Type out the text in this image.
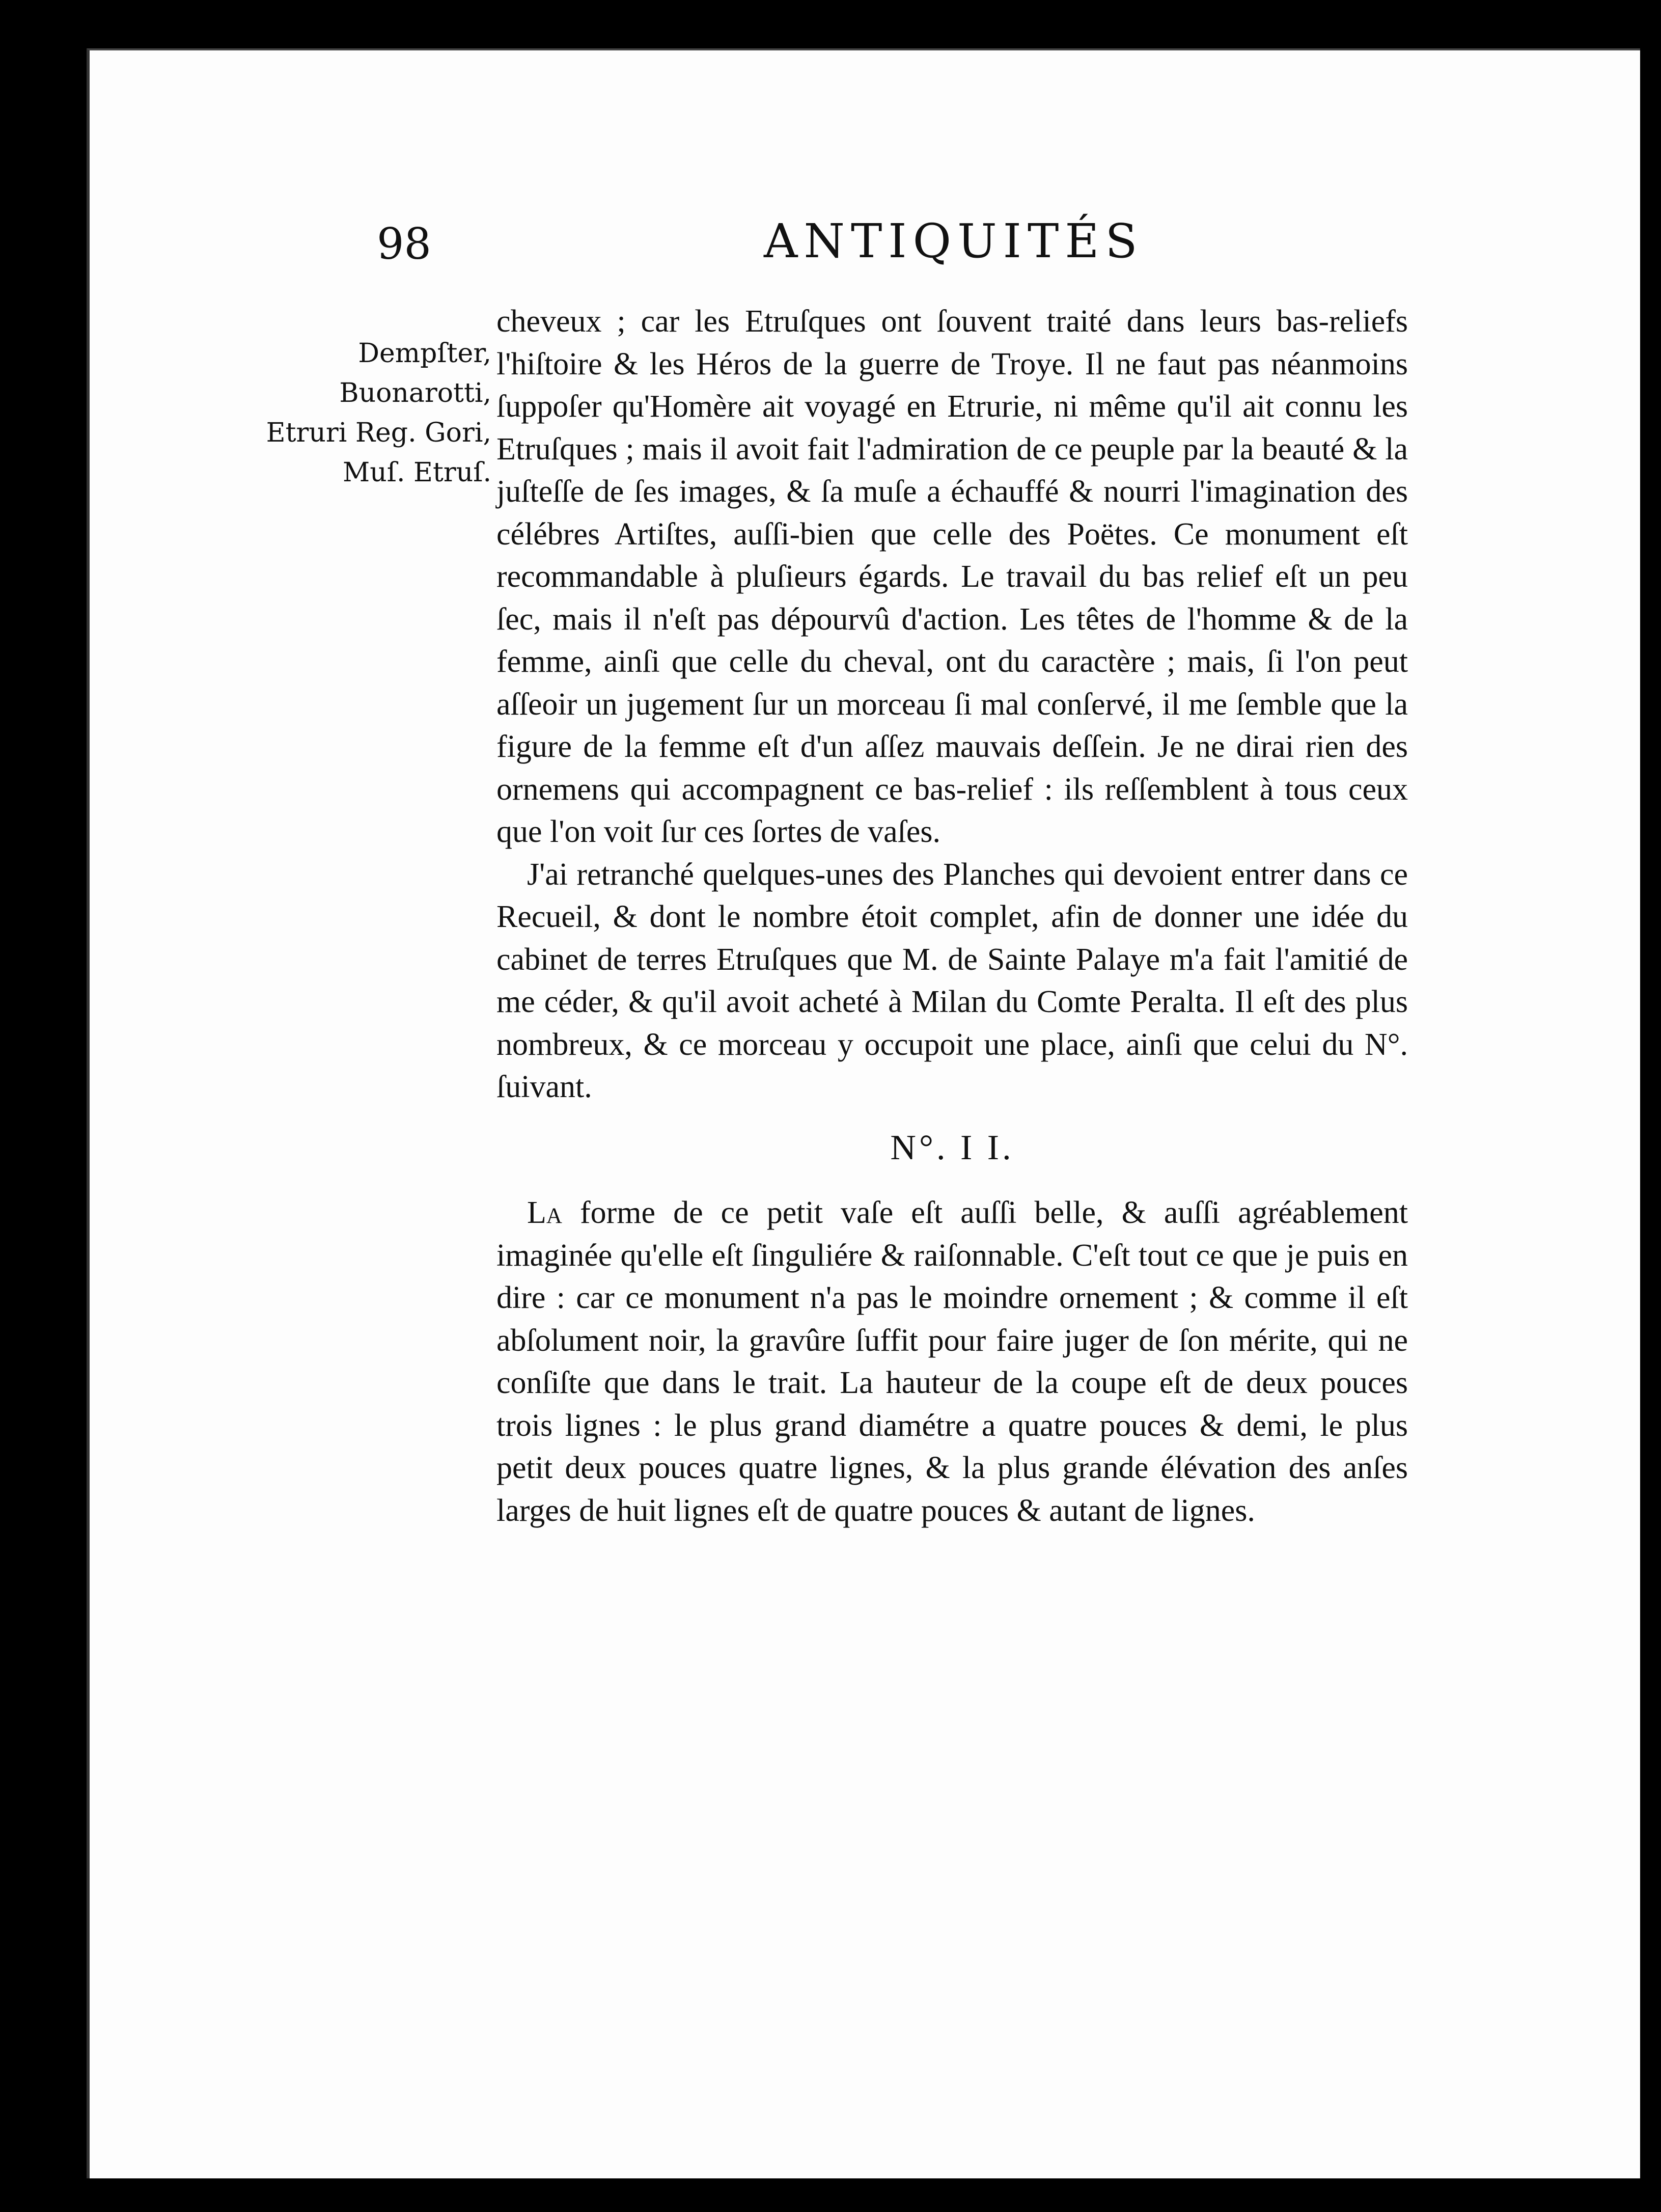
98	ANTIQUITÉS

Dempſter, Buonarotti, Etruri Reg. Gori, Muſ. Etruſ.

cheveux ; car les Etruſques ont ſouvent traité dans leurs bas-reliefs l'hiſtoire & les Héros de la guerre de Troye. Il ne faut pas néanmoins ſuppoſer qu'Homère ait voyagé en Etrurie, ni même qu'il ait connu les Etruſques ; mais il avoit fait l'admiration de ce peuple par la beauté & la juſteſſe de ſes images, & ſa muſe a échauffé & nourri l'imagination des célébres Artiſtes, auſſi-bien que celle des Poëtes. Ce monument eſt recommandable à pluſieurs égards. Le travail du bas relief eſt un peu ſec, mais il n'eſt pas dépourvû d'action. Les têtes de l'homme & de la femme, ainſi que celle du cheval, ont du caractère ; mais, ſi l'on peut aſſeoir un jugement ſur un morceau ſi mal conſervé, il me ſemble que la figure de la femme eſt d'un aſſez mauvais deſſein. Je ne dirai rien des ornemens qui accompagnent ce bas-relief : ils reſſemblent à tous ceux que l'on voit ſur ces ſortes de vaſes.

J'ai retranché quelques-unes des Planches qui devoient entrer dans ce Recueil, & dont le nombre étoit complet, afin de donner une idée du cabinet de terres Etruſques que M. de Sainte Palaye m'a fait l'amitié de me céder, & qu'il avoit acheté à Milan du Comte Peralta. Il eſt des plus nombreux, & ce morceau y occupoit une place, ainſi que celui du N°. ſuivant.

N°. I I.

La forme de ce petit vaſe eſt auſſi belle, & auſſi agréablement imaginée qu'elle eſt ſinguliére & raiſonnable. C'eſt tout ce que je puis en dire : car ce monument n'a pas le moindre ornement ; & comme il eſt abſolument noir, la gravûre ſuffit pour faire juger de ſon mérite, qui ne conſiſte que dans le trait. La hauteur de la coupe eſt de deux pouces trois lignes : le plus grand diamétre a quatre pouces & demi, le plus petit deux pouces quatre lignes, & la plus grande élévation des anſes larges de huit lignes eſt de quatre pouces & autant de lignes.
